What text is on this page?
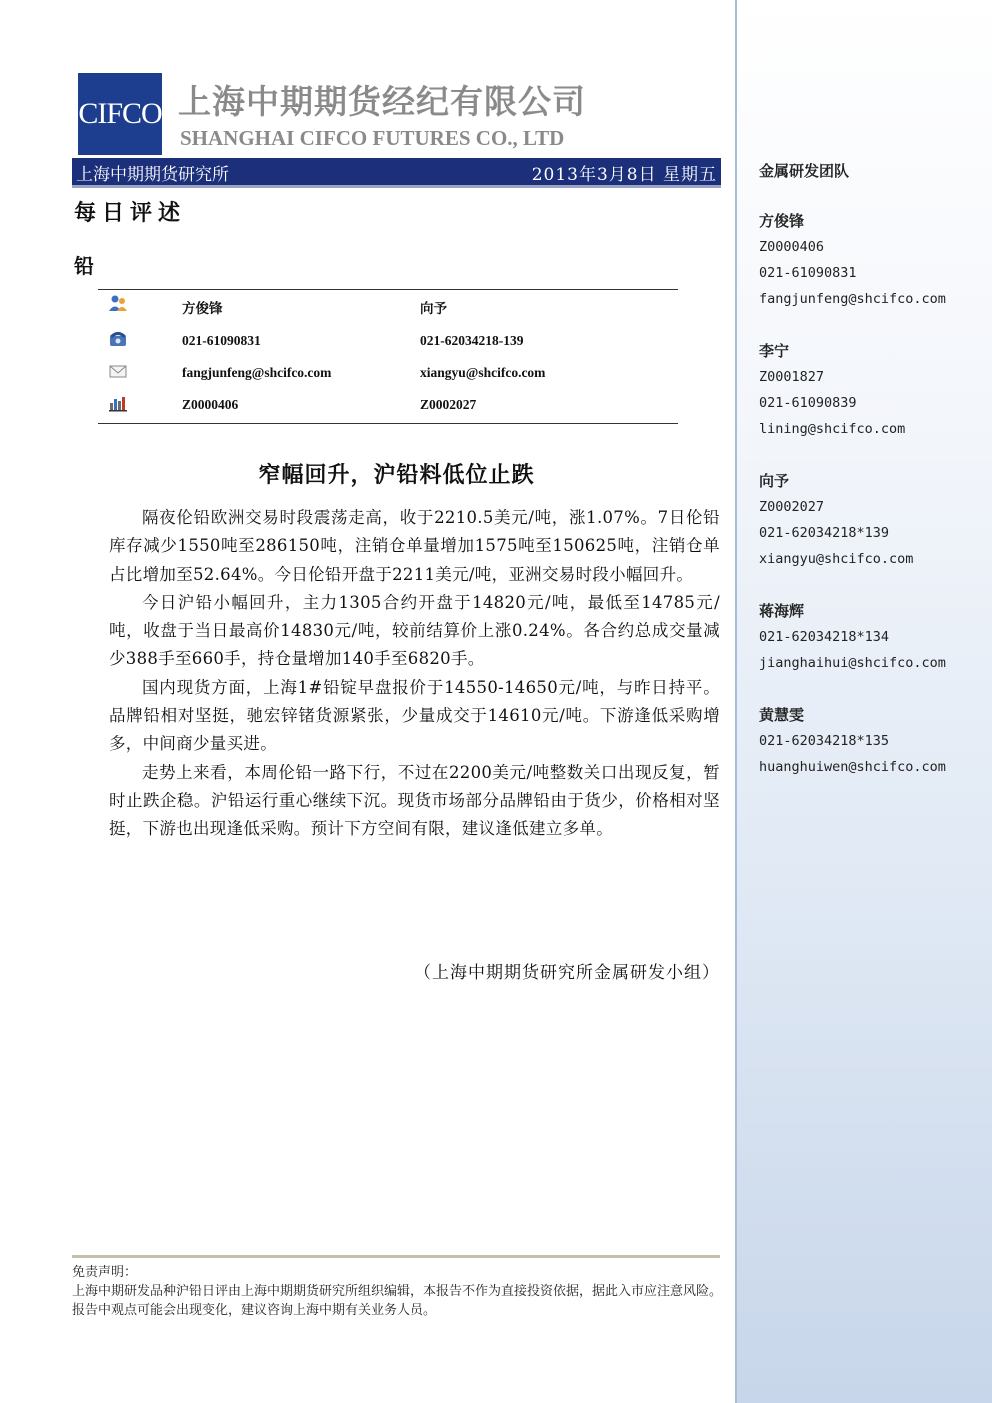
CIFCO 上海中期期货经纪有限公司
SHANGHAI CIFCO FUTURES CO., LTD
上海中期期货研究所	2013年3月8日 星期五
每日评述
铅
方俊锋	向予
021-61090831	021-62034218-139
fangjunfeng@shcifco.com	xiangyu@shcifco.com
Z0000406	Z0002027
窄幅回升，沪铅料低位止跌

隔夜伦铅欧洲交易时段震荡走高，收于2210.5美元/吨，涨1.07%。7日伦铅库存减少1550吨至286150吨，注销仓单量增加1575吨至150625吨，注销仓单占比增加至52.64%。今日伦铅开盘于2211美元/吨，亚洲交易时段小幅回升。

今日沪铅小幅回升，主力1305合约开盘于14820元/吨，最低至14785元/吨，收盘于当日最高价14830元/吨，较前结算价上涨0.24%。各合约总成交量减少388手至660手，持仓量增加140手至6820手。

国内现货方面，上海1#铅锭早盘报价于14550-14650元/吨，与昨日持平。品牌铅相对坚挺，驰宏锌锗货源紧张，少量成交于14610元/吨。下游逢低采购增多，中间商少量买进。

走势上来看，本周伦铅一路下行，不过在2200美元/吨整数关口出现反复，暂时止跌企稳。沪铅运行重心继续下沉。现货市场部分品牌铅由于货少，价格相对坚挺，下游也出现逢低采购。预计下方空间有限，建议逢低建立多单。

（上海中期期货研究所金属研发小组）
免责声明：
上海中期研发品种沪铅日评由上海中期期货研究所组织编辑，本报告不作为直接投资依据，据此入市应注意风险。报告中观点可能会出现变化，建议咨询上海中期有关业务人员。
金属研发团队
方俊锋
Z0000406
021-61090831
fangjunfeng@shcifco.com
李宁
Z0001827
021-61090839
lining@shcifco.com
向予
Z0002027
021-62034218*139
xiangyu@shcifco.com
蒋海辉
021-62034218*134
jianghaihui@shcifco.com
黄慧雯
021-62034218*135
huanghuiwen@shcifco.com
